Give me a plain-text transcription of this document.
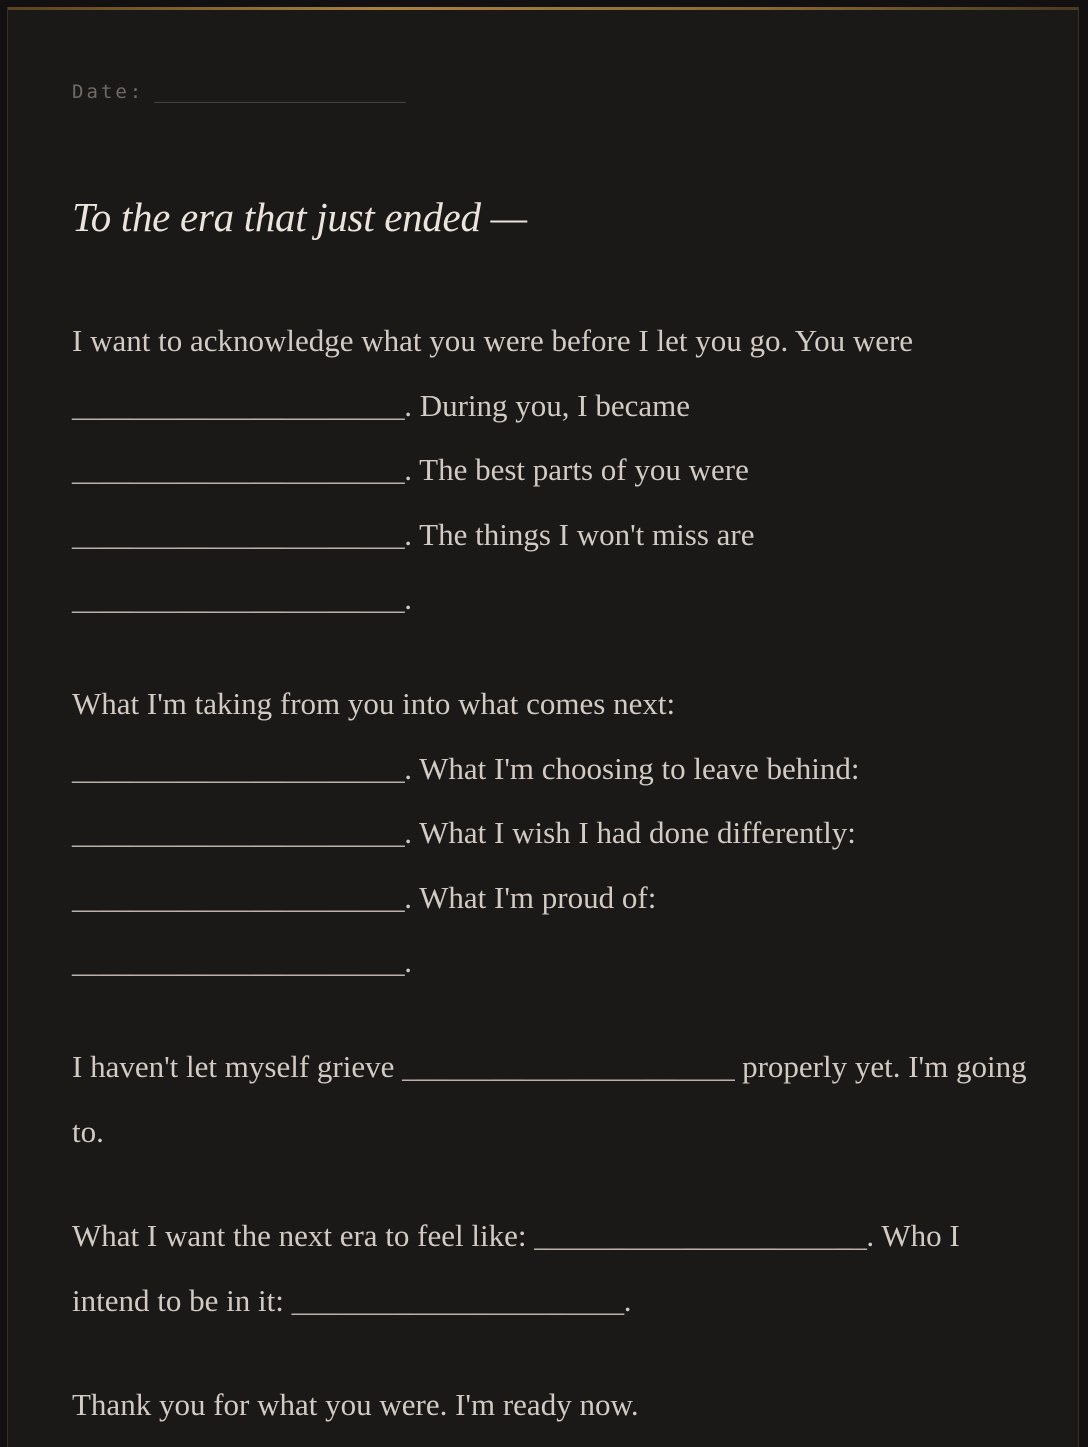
Date: ______________________
To the era that just ended —

I want to acknowledge what you were before I let you go. You were
______________________. During you, I became
______________________. The best parts of you were
______________________. The things I won't miss are
______________________.

What I'm taking from you into what comes next:
______________________. What I'm choosing to leave behind:
______________________. What I wish I had done differently:
______________________. What I'm proud of:
______________________.

I haven't let myself grieve ______________________ properly yet. I'm going to.

What I want the next era to feel like: ______________________. Who I intend to be in it: ______________________.

Thank you for what you were. I'm ready now.
